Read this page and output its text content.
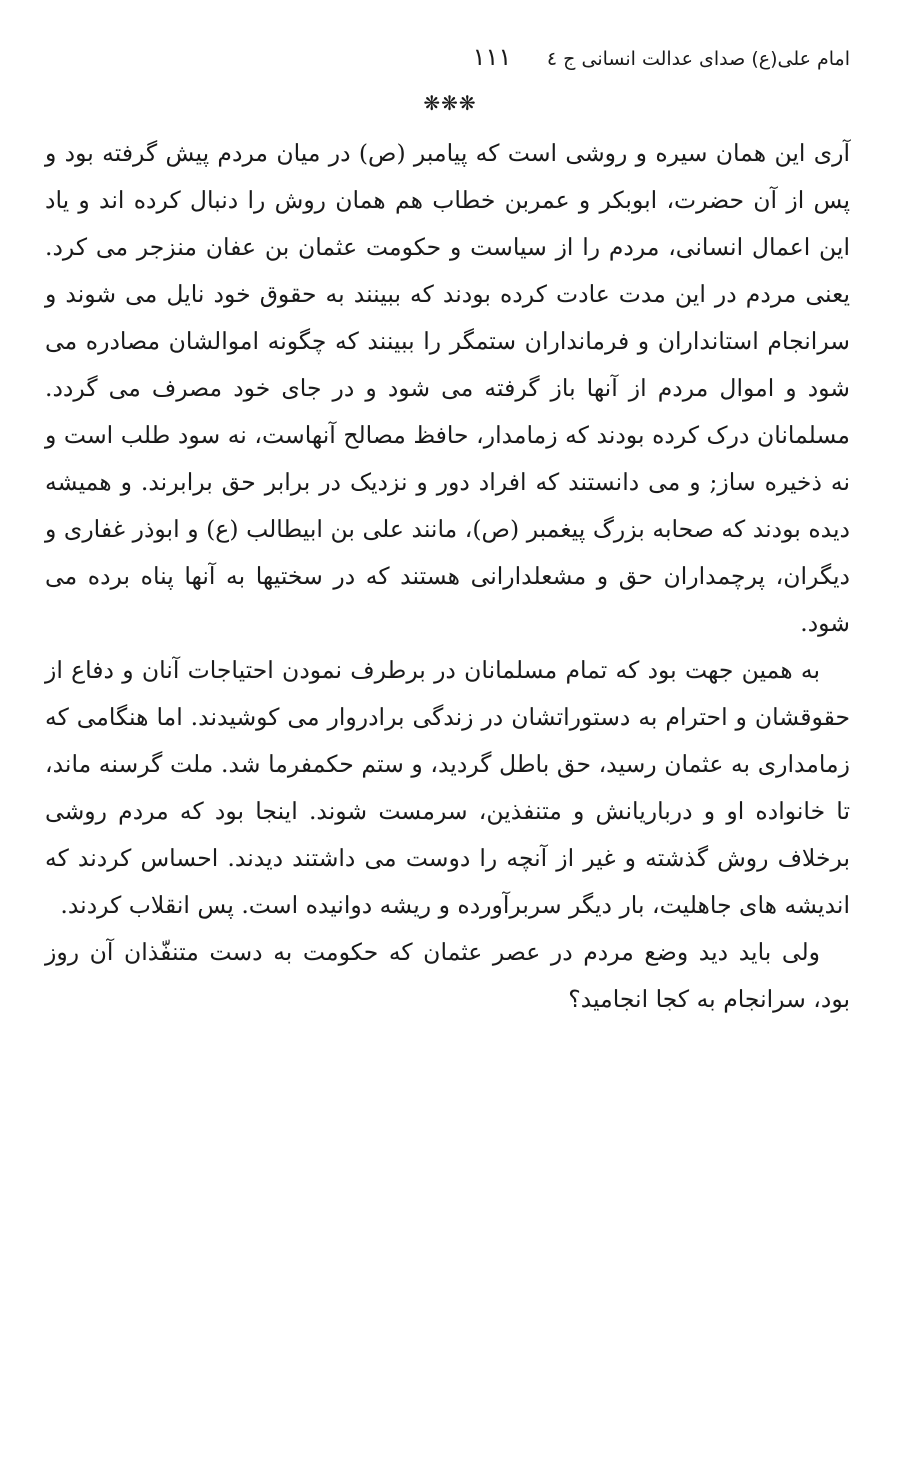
امام علی(ع) صدای عدالت انسانی ج ٤
١١١
❋❋❋

آری این همان سیره و روشی است که پیامبر (ص) در میان مردم پیش گرفته بود و پس از آن حضرت، ابوبکر و عمربن خطاب هم همان روش را دنبال کرده اند و یاد این اعمال انسانی، مردم را از سیاست و حکومت عثمان بن عفان منزجر می کرد. یعنی مردم در این مدت عادت کرده بودند که ببینند به حقوق خود نایل می شوند و سرانجام استانداران و فرمانداران ستمگر را ببینند که چگونه اموالشان مصادره می شود و اموال مردم از آنها باز گرفته می شود و در جای خود مصرف می گردد. مسلمانان درک کرده بودند که زمامدار، حافظ مصالح آنهاست، نه سود طلب است و نه ذخیره ساز; و می دانستند که افراد دور و نزدیک در برابر حق برابرند. و همیشه دیده بودند که صحابه بزرگ پیغمبر (ص)، مانند علی بن ابیطالب (ع) و ابوذر غفاری و دیگران، پرچمداران حق و مشعلدارانی هستند که در سختیها به آنها پناه برده می شود.

به همین جهت بود که تمام مسلمانان در برطرف نمودن احتیاجات آنان و دفاع از حقوقشان و احترام به دستوراتشان در زندگی برادروار می کوشیدند. اما هنگامی که زمامداری به عثمان رسید، حق باطل گردید، و ستم حکمفرما شد. ملت گرسنه ماند، تا خانواده او و درباریانش و متنفذین، سرمست شوند. اینجا بود که مردم روشی برخلاف روش گذشته و غیر از آنچه را دوست می داشتند دیدند. احساس کردند که اندیشه های جاهلیت، بار دیگر سربرآورده و ریشه دوانیده است. پس انقلاب کردند.

ولی باید دید وضع مردم در عصر عثمان که حکومت به دست متنفّذان آن روز بود، سرانجام به کجا انجامید؟
